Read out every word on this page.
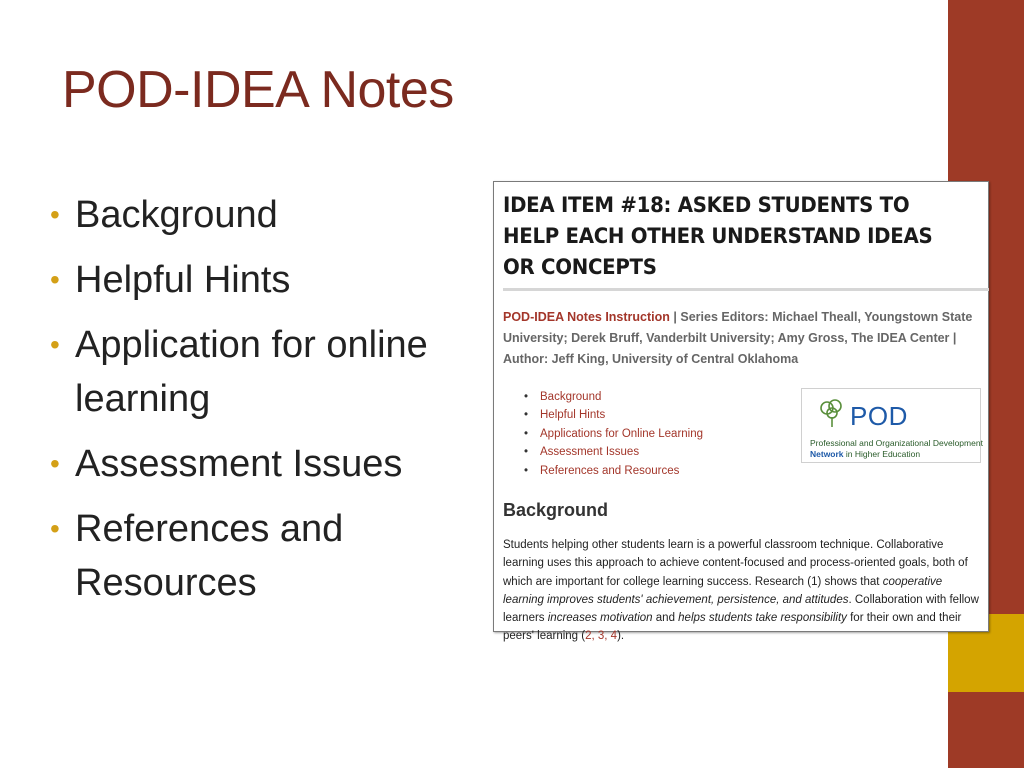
POD-IDEA Notes
• Background
• Helpful Hints
• Application for online learning
• Assessment Issues
• References and Resources
IDEA ITEM #18: ASKED STUDENTS TO HELP EACH OTHER UNDERSTAND IDEAS OR CONCEPTS
POD-IDEA Notes Instruction | Series Editors: Michael Theall, Youngstown State University; Derek Bruff, Vanderbilt University; Amy Gross, The IDEA Center | Author: Jeff King, University of Central Oklahoma
• Background
• Helpful Hints
• Applications for Online Learning
• Assessment Issues
• References and Resources
POD
Professional and Organizational Development
Network in Higher Education
Background
Students helping other students learn is a powerful classroom technique. Collaborative learning uses this approach to achieve content-focused and process-oriented goals, both of which are important for college learning success. Research (1) shows that cooperative learning improves students' achievement, persistence, and attitudes. Collaboration with fellow learners increases motivation and helps students take responsibility for their own and their peers' learning (2, 3, 4).
